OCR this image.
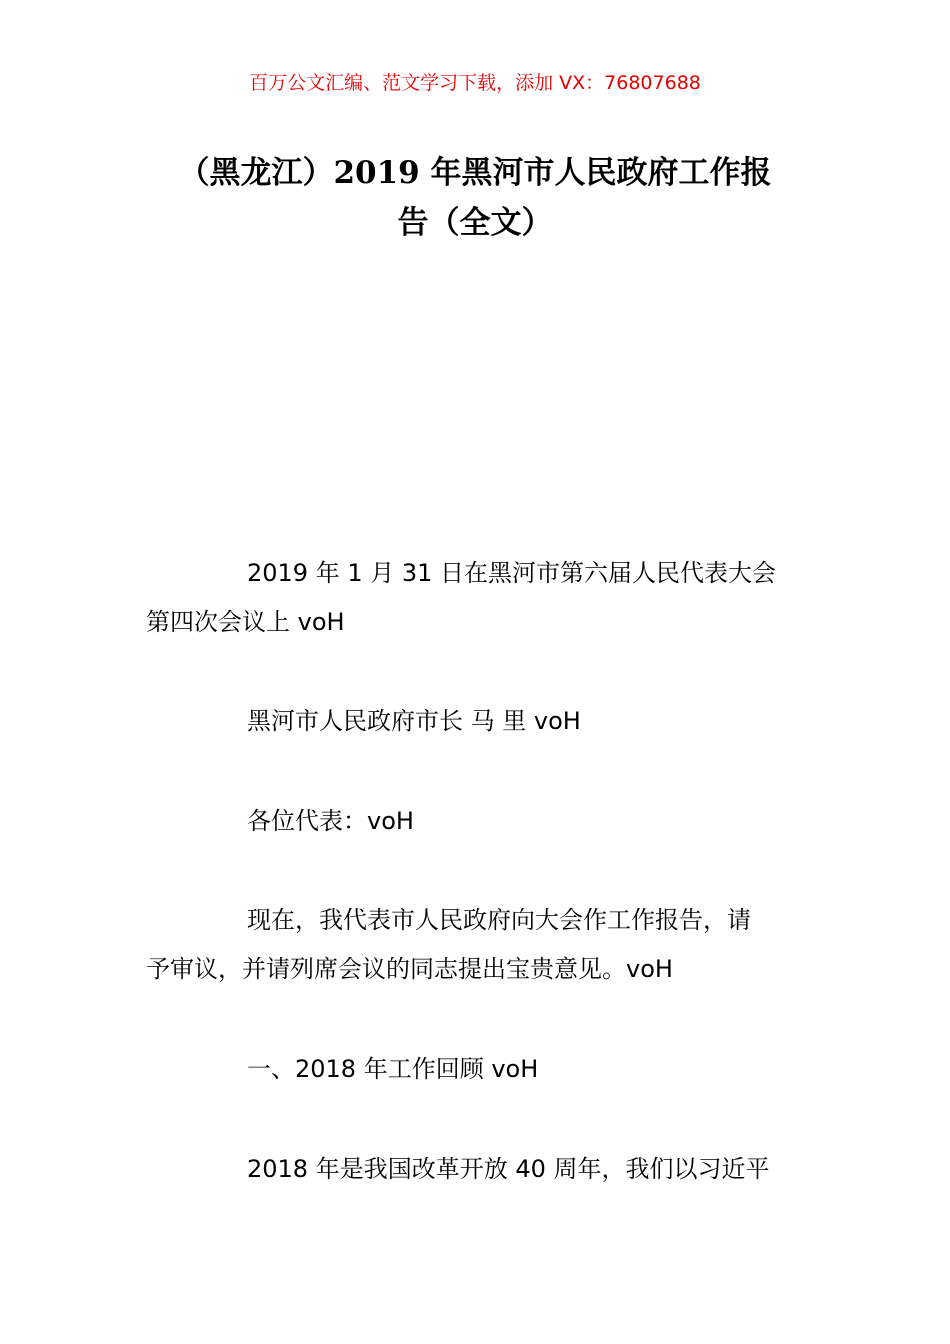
百万公文汇编、范文学习下载，添加 VX：76807688
（黑龙江）2019 年黑河市人民政府工作报
告（全文）
2019 年 1 月 31 日在黑河市第六届人民代表大会
第四次会议上 voH
黑河市人民政府市长 马 里 voH
各位代表：voH
现在，我代表市人民政府向大会作工作报告，请
予审议，并请列席会议的同志提出宝贵意见。voH
一、2018 年工作回顾 voH
2018 年是我国改革开放 40 周年，我们以习近平
